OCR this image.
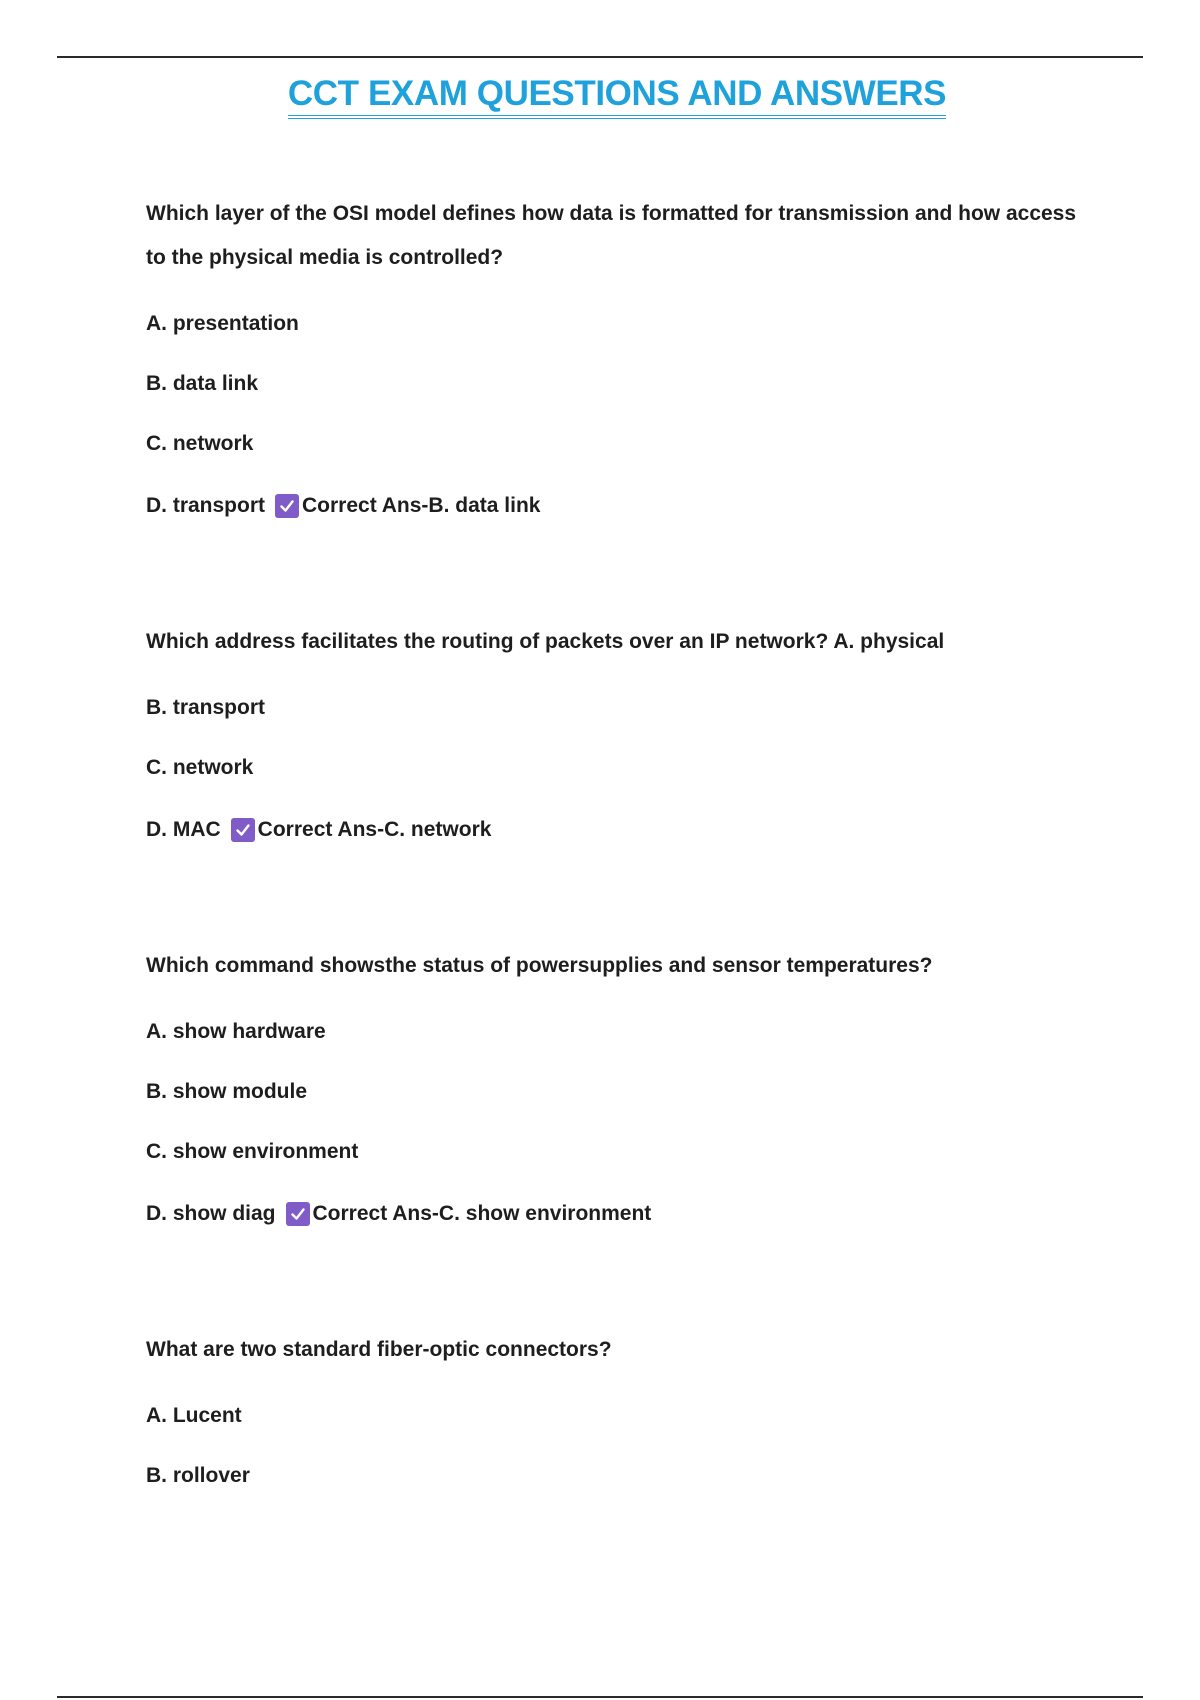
CCT EXAM QUESTIONS AND ANSWERS

Which layer of the OSI model defines how data is formatted for transmission and how access to the physical media is controlled?

A. presentation

B. data link

C. network

D. transport Correct Ans-B. data link

Which address facilitates the routing of packets over an IP network? A. physical

B. transport

C. network

D. MAC Correct Ans-C. network

Which command showsthe status of powersupplies and sensor temperatures?

A. show hardware

B. show module

C. show environment

D. show diag Correct Ans-C. show environment

What are two standard fiber-optic connectors?

A. Lucent

B. rollover
